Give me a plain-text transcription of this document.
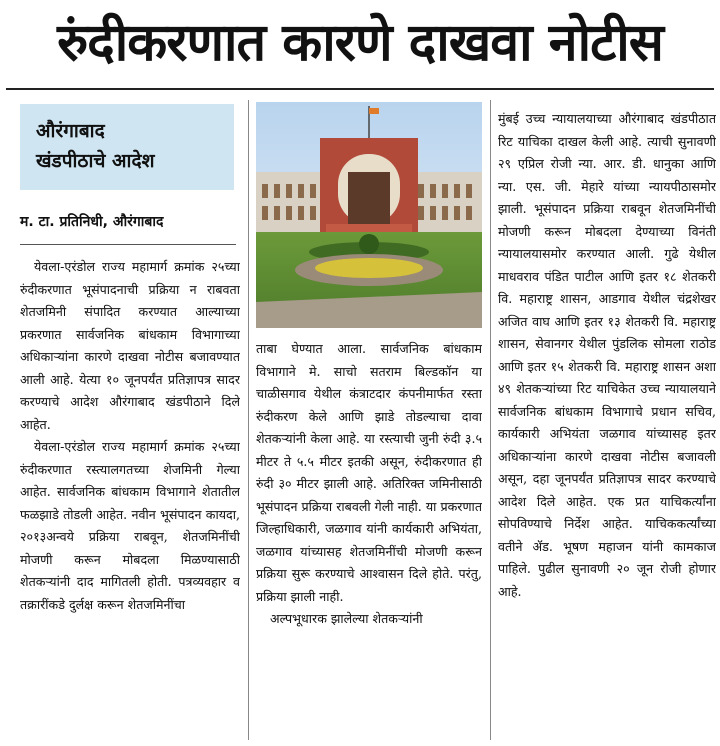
रुंदीकरणात कारणे दाखवा नोटीस
औरंगाबाद
खंडपीठाचे आदेश
म. टा. प्रतिनिधी, औरंगाबाद

येवला-एरंडोल राज्य महामार्ग क्रमांक २५च्या रुंदीकरणात भूसंपादनाची प्रक्रिया न राबवता शेतजमिनी संपादित करण्यात आल्याच्या प्रकरणात सार्वजनिक बांधकाम विभागाच्या अधिकाऱ्यांना कारणे दाखवा नोटीस बजावण्यात आली आहे. येत्या १० जूनपर्यंत प्रतिज्ञापत्र सादर करण्याचे आदेश औरंगाबाद खंडपीठाने दिले आहेत.

येवला-एरंडोल राज्य महामार्ग क्रमांक २५च्या रुंदीकरणात रस्त्यालगतच्या शेजमिनी गेल्या आहेत. सार्वजनिक बांधकाम विभागाने शेतातील फळझाडे तोडली आहेत. नवीन भूसंपादन कायदा, २०१३अन्वये प्रक्रिया राबवून, शेतजमिनींची मोजणी करून मोबदला मिळण्यासाठी शेतकऱ्यांनी दाद मागितली होती. पत्रव्यवहार व तक्रारींकडे दुर्लक्ष करून शेतजमिनींचा

ताबा घेण्यात आला. सार्वजनिक बांधकाम विभागाने मे. साचो सतराम बिल्डकॉन या चाळीसगाव येथील कंत्राटदार कंपनीमार्फत रस्ता रुंदीकरण केले आणि झाडे तोडल्याचा दावा शेतकऱ्यांनी केला आहे. या रस्त्याची जुनी रुंदी ३.५ मीटर ते ५.५ मीटर इतकी असून, रुंदीकरणात ही रुंदी ३० मीटर झाली आहे. अतिरिक्त जमिनीसाठी भूसंपादन प्रक्रिया राबवली गेली नाही. या प्रकरणात जिल्हाधिकारी, जळगाव यांनी कार्यकारी अभियंता, जळगाव यांच्यासह शेतजमिनींची मोजणी करून प्रक्रिया सुरू करण्याचे आश्वासन दिले होते. परंतु, प्रक्रिया झाली नाही.

अल्पभूधारक झालेल्या शेतकऱ्यांनी

मुंबई उच्च न्यायालयाच्या औरंगाबाद खंडपीठात रिट याचिका दाखल केली आहे. त्याची सुनावणी २९ एप्रिल रोजी न्या. आर. डी. धानुका आणि न्या. एस. जी. मेहारे यांच्या न्यायपीठासमोर झाली. भूसंपादन प्रक्रिया राबवून शेतजमिनींची मोजणी करून मोबदला देण्याच्या विनंती न्यायालयासमोर करण्यात आली. गुढे येथील माधवराव पंडित पाटील आणि इतर १८ शेतकरी वि. महाराष्ट्र शासन, आडगाव येथील चंद्रशेखर अजित वाघ आणि इतर १३ शेतकरी वि. महाराष्ट्र शासन, सेवानगर येथील पुंडलिक सोमला राठोड आणि इतर १५ शेतकरी वि. महाराष्ट्र शासन अशा ४९ शेतकऱ्यांच्या रिट याचिकेत उच्च न्यायालयाने सार्वजनिक बांधकाम विभागाचे प्रधान सचिव, कार्यकारी अभियंता जळगाव यांच्यासह इतर अधिकाऱ्यांना कारणे दाखवा नोटीस बजावली असून, दहा जूनपर्यंत प्रतिज्ञापत्र सादर करण्याचे आदेश दिले आहेत. एक प्रत याचिकर्त्यांना सोपविण्याचे निर्देश आहेत. याचिककर्त्यांच्या वतीने ॲड. भूषण महाजन यांनी कामकाज पाहिले. पुढील सुनावणी २० जून रोजी होणार आहे.
